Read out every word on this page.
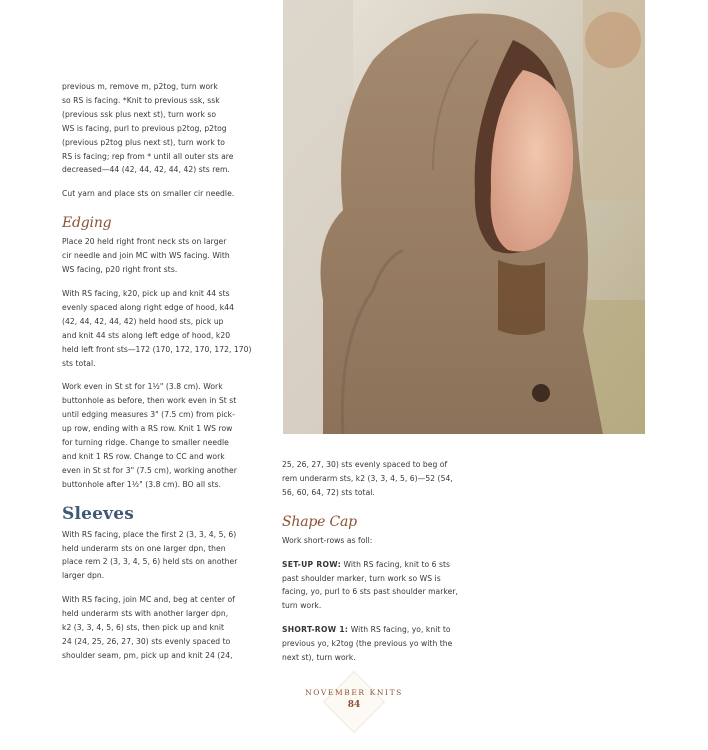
previous m, remove m, p2tog, turn work
so RS is facing. *Knit to previous ssk, ssk
(previous ssk plus next st), turn work so
WS is facing, purl to previous p2tog, p2tog
(previous p2tog plus next st), turn work to
RS is facing; rep from * until all outer sts are
decreased—44 (42, 44, 42, 44, 42) sts rem.

Cut yarn and place sts on smaller cir needle.

Edging

Place 20 held right front neck sts on larger
cir needle and join MC with WS facing. With
WS facing, p20 right front sts.

With RS facing, k20, pick up and knit 44 sts
evenly spaced along right edge of hood, k44
(42, 44, 42, 44, 42) held hood sts, pick up
and knit 44 sts along left edge of hood, k20
held left front sts—172 (170, 172, 170, 172, 170)
sts total.

Work even in St st for 1½" (3.8 cm). Work
buttonhole as before, then work even in St st
until edging measures 3" (7.5 cm) from pick-
up row, ending with a RS row. Knit 1 WS row
for turning ridge. Change to smaller needle
and knit 1 RS row. Change to CC and work
even in St st for 3" (7.5 cm), working another
buttonhole after 1½" (3.8 cm). BO all sts.

Sleeves

With RS facing, place the first 2 (3, 3, 4, 5, 6)
held underarm sts on one larger dpn, then
place rem 2 (3, 3, 4, 5, 6) held sts on another
larger dpn.

With RS facing, join MC and, beg at center of
held underarm sts with another larger dpn,
k2 (3, 3, 4, 5, 6) sts, then pick up and knit
24 (24, 25, 26, 27, 30) sts evenly spaced to
shoulder seam, pm, pick up and knit 24 (24,

25, 26, 27, 30) sts evenly spaced to beg of
rem underarm sts, k2 (3, 3, 4, 5, 6)—52 (54,
56, 60, 64, 72) sts total.

Shape Cap

Work short-rows as foll:

SET-UP ROW: With RS facing, knit to 6 sts
past shoulder marker, turn work so WS is
facing, yo, purl to 6 sts past shoulder marker,
turn work.

SHORT-ROW 1: With RS facing, yo, knit to
previous yo, k2tog (the previous yo with the
next st), turn work.

NOVEMBER KNITS
84
